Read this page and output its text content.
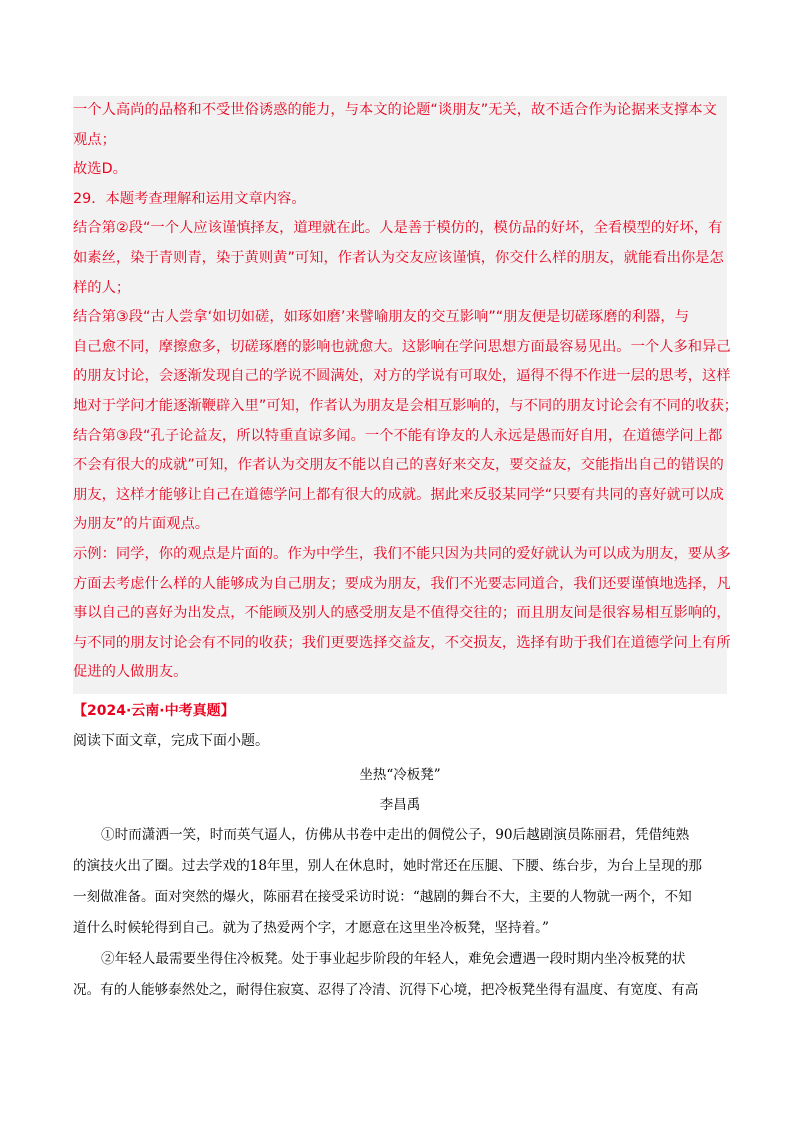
一个人高尚的品格和不受世俗诱惑的能力，与本文的论题“谈朋友”无关，故不适合作为论据来支撑本文
观点；
故选D。
29．本题考查理解和运用文章内容。
结合第②段“一个人应该谨慎择友，道理就在此。人是善于模仿的，模仿品的好坏，全看模型的好坏，有
如素丝，染于青则青，染于黄则黄”可知，作者认为交友应该谨慎，你交什么样的朋友，就能看出你是怎
样的人；
结合第③段“古人尝拿‘如切如磋，如琢如磨’来譬喻朋友的交互影响”“朋友便是切磋琢磨的利器，与
自己愈不同，摩擦愈多，切磋琢磨的影响也就愈大。这影响在学问思想方面最容易见出。一个人多和异己
的朋友讨论，会逐渐发现自己的学说不圆满处，对方的学说有可取处，逼得不得不作进一层的思考，这样
地对于学问才能逐渐鞭辟入里”可知，作者认为朋友是会相互影响的，与不同的朋友讨论会有不同的收获；
结合第③段“孔子论益友，所以特重直谅多闻。一个不能有诤友的人永远是愚而好自用，在道德学问上都
不会有很大的成就”可知，作者认为交朋友不能以自己的喜好来交友，要交益友，交能指出自己的错误的
朋友，这样才能够让自己在道德学问上都有很大的成就。据此来反驳某同学“只要有共同的喜好就可以成
为朋友”的片面观点。
示例：同学，你的观点是片面的。作为中学生，我们不能只因为共同的爱好就认为可以成为朋友，要从多
方面去考虑什么样的人能够成为自己朋友；要成为朋友，我们不光要志同道合，我们还要谨慎地选择，凡
事以自己的喜好为出发点，不能顾及别人的感受朋友是不值得交往的；而且朋友间是很容易相互影响的，
与不同的朋友讨论会有不同的收获；我们更要选择交益友，不交损友，选择有助于我们在道德学问上有所
促进的人做朋友。
【2024·云南·中考真题】
阅读下面文章，完成下面小题。
坐热“冷板凳”
李昌禹
①时而潇洒一笑，时而英气逼人，仿佛从书卷中走出的倜傥公子，90后越剧演员陈丽君，凭借纯熟
的演技火出了圈。过去学戏的18年里，别人在休息时，她时常还在压腿、下腰、练台步，为台上呈现的那
一刻做准备。面对突然的爆火，陈丽君在接受采访时说：“越剧的舞台不大，主要的人物就一两个，不知
道什么时候轮得到自己。就为了热爱两个字，才愿意在这里坐冷板凳，坚持着。”
②年轻人最需要坐得住冷板凳。处于事业起步阶段的年轻人，难免会遭遇一段时期内坐冷板凳的状
况。有的人能够泰然处之，耐得住寂寞、忍得了冷清、沉得下心境，把冷板凳坐得有温度、有宽度、有高
